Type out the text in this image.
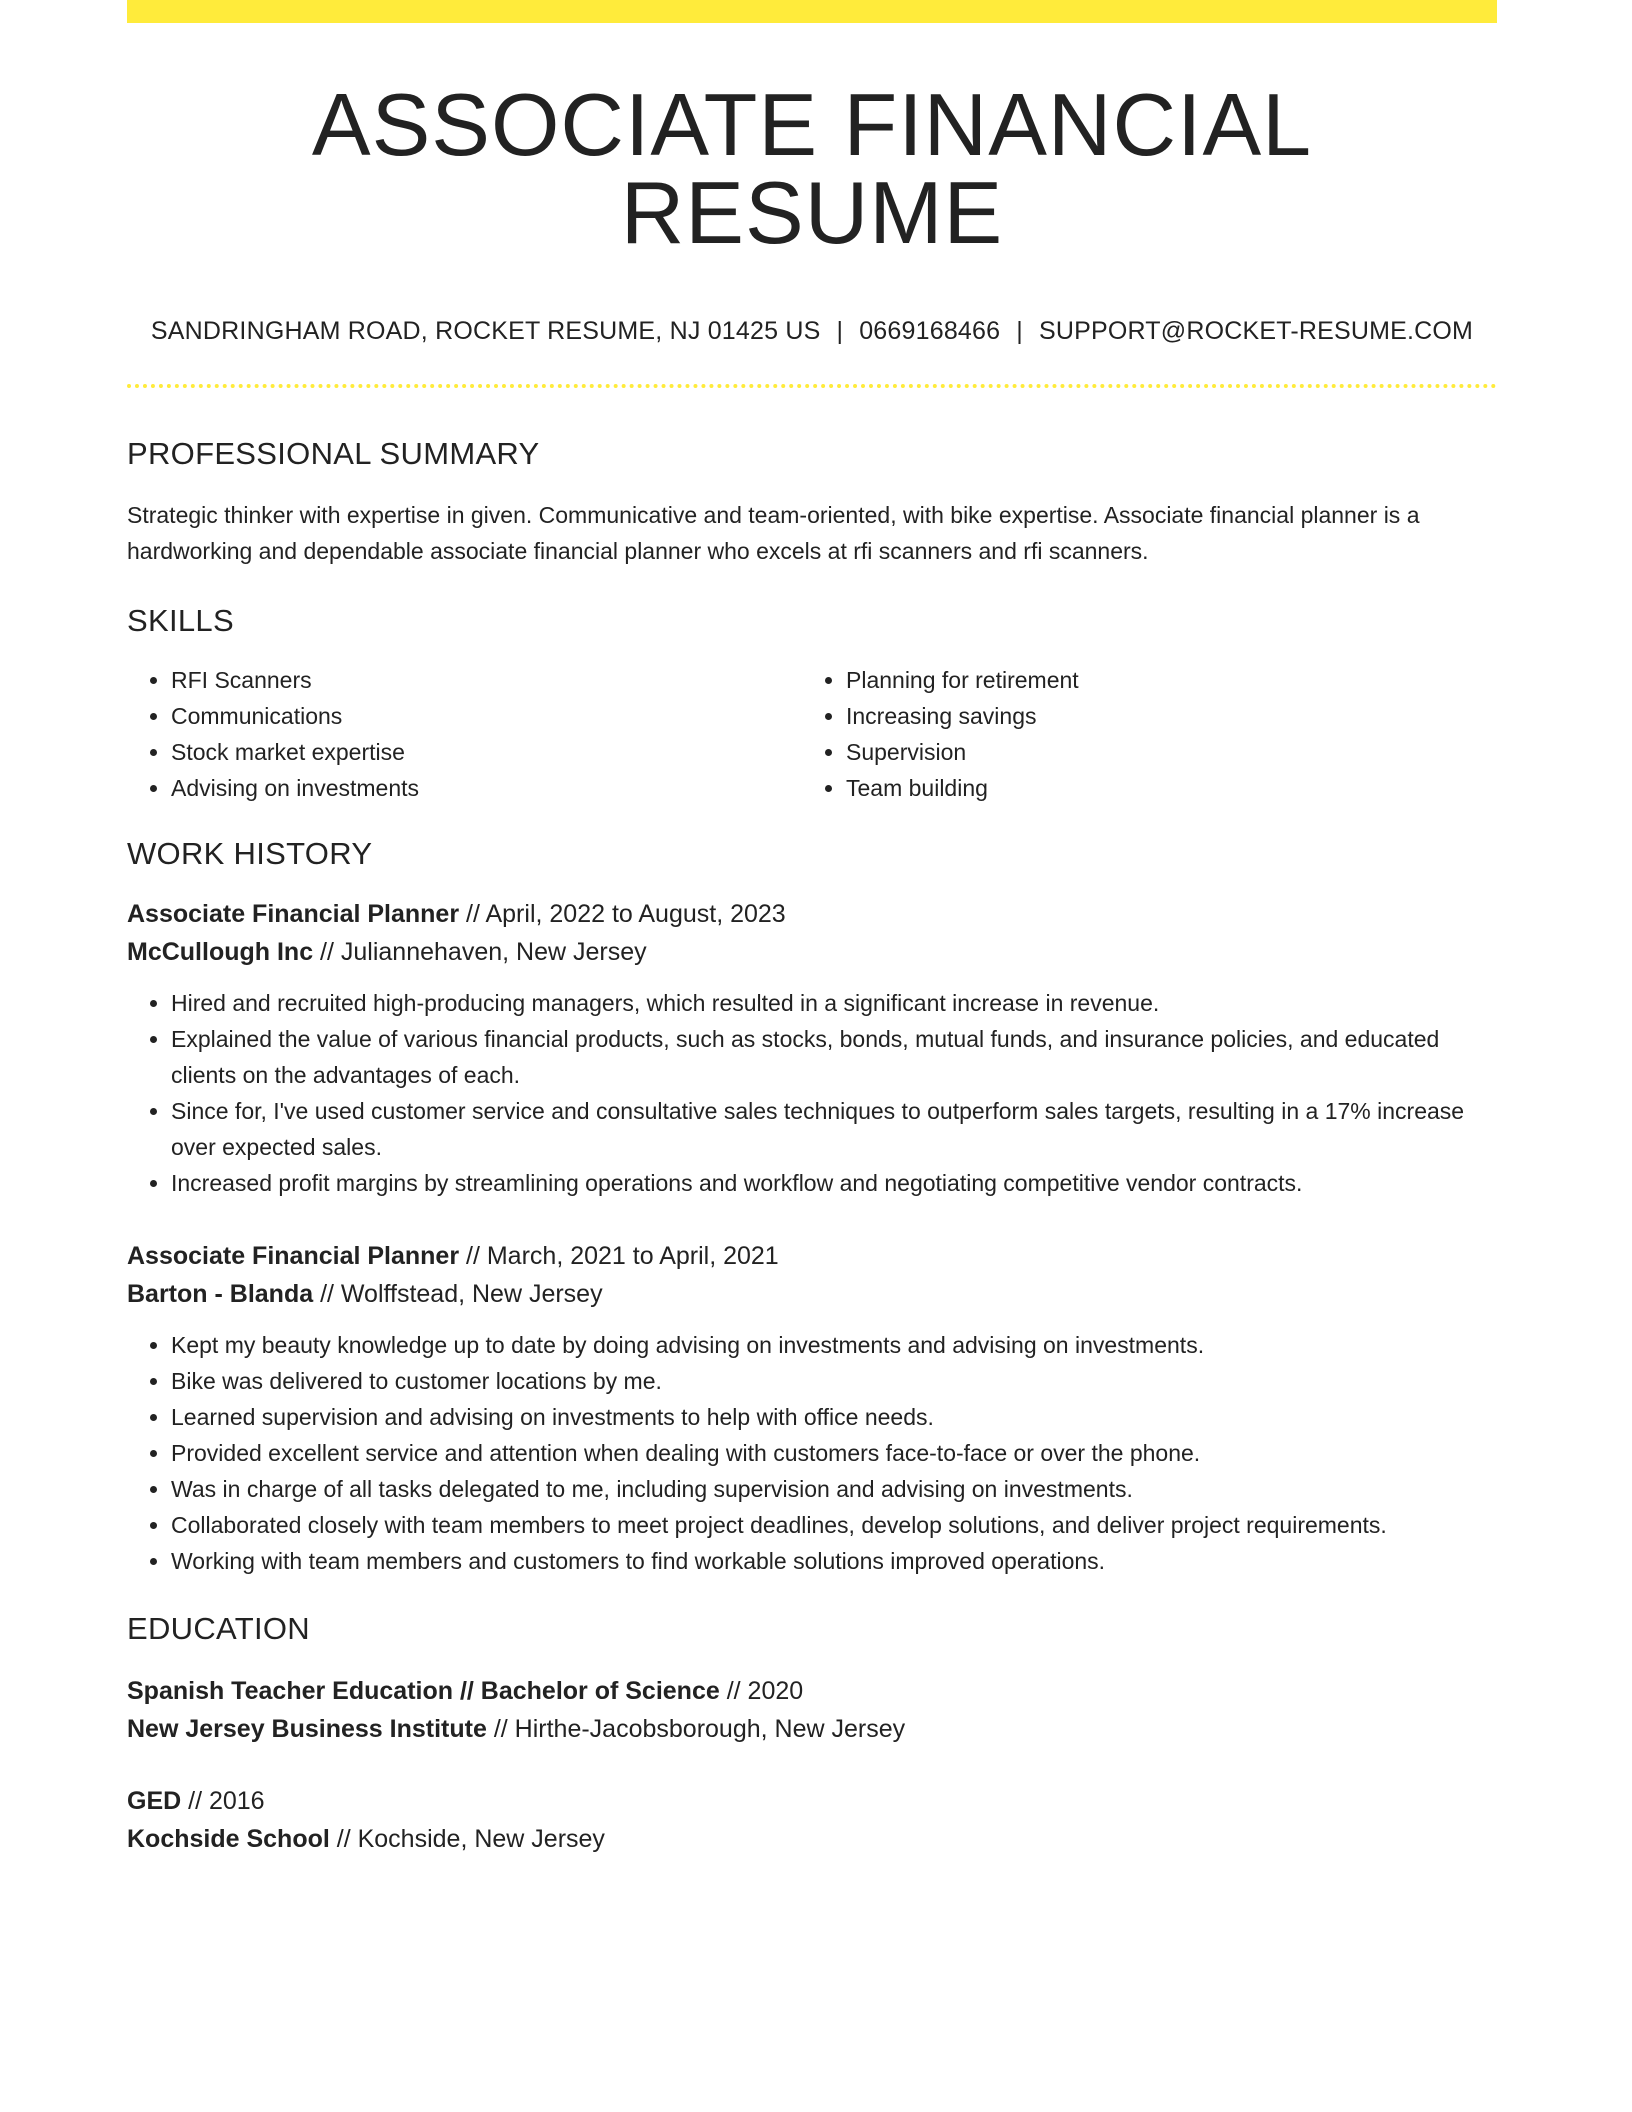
ASSOCIATE FINANCIAL RESUME
SANDRINGHAM ROAD, ROCKET RESUME, NJ 01425 US | 0669168466 | SUPPORT@ROCKET-RESUME.COM
PROFESSIONAL SUMMARY

Strategic thinker with expertise in given. Communicative and team-oriented, with bike expertise. Associate financial planner is a hardworking and dependable associate financial planner who excels at rfi scanners and rfi scanners.

SKILLS
• RFI Scanners
• Communications
• Stock market expertise
• Advising on investments
• Planning for retirement
• Increasing savings
• Supervision
• Team building
WORK HISTORY
Associate Financial Planner // April, 2022 to August, 2023
McCullough Inc // Juliannehaven, New Jersey
• Hired and recruited high-producing managers, which resulted in a significant increase in revenue.
• Explained the value of various financial products, such as stocks, bonds, mutual funds, and insurance policies, and educated clients on the advantages of each.
• Since for, I've used customer service and consultative sales techniques to outperform sales targets, resulting in a 17% increase over expected sales.
• Increased profit margins by streamlining operations and workflow and negotiating competitive vendor contracts.
Associate Financial Planner // March, 2021 to April, 2021
Barton - Blanda // Wolffstead, New Jersey
• Kept my beauty knowledge up to date by doing advising on investments and advising on investments.
• Bike was delivered to customer locations by me.
• Learned supervision and advising on investments to help with office needs.
• Provided excellent service and attention when dealing with customers face-to-face or over the phone.
• Was in charge of all tasks delegated to me, including supervision and advising on investments.
• Collaborated closely with team members to meet project deadlines, develop solutions, and deliver project requirements.
• Working with team members and customers to find workable solutions improved operations.
EDUCATION
Spanish Teacher Education // Bachelor of Science // 2020
New Jersey Business Institute // Hirthe-Jacobsborough, New Jersey
GED // 2016
Kochside School // Kochside, New Jersey
